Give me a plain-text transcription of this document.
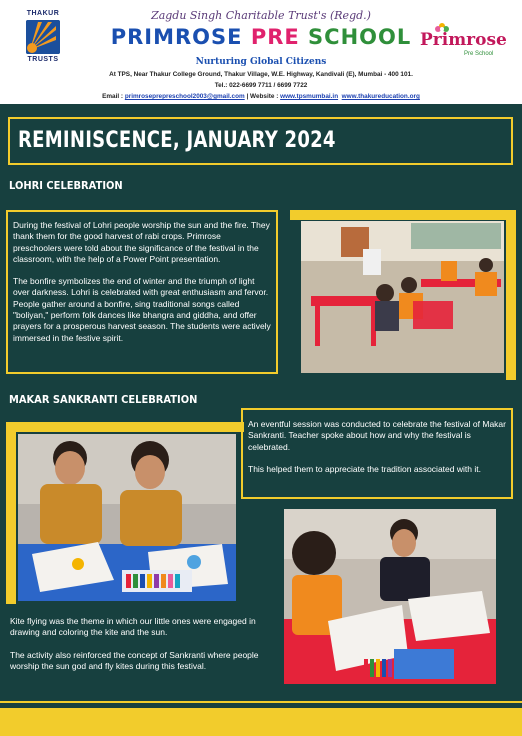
THAKUR
TRUSTS
Zagdu Singh Charitable Trust's (Regd.)
PRIMROSE PRE SCHOOL
Nurturing Global Citizens
At TPS, Near Thakur College Ground, Thakur Village, W.E. Highway, Kandivali (E), Mumbai - 400 101.
Tel.: 022-6699 7711 / 6699 7722
Email : primroseprepreschool2003@gmail.com | Website : www.tpsmumbai.in www.thakureducation.org
Primrose
Pre School
REMINISCENCE, JANUARY 2024
LOHRI CELEBRATION

During the festival of Lohri people worship the sun and the fire. They thank them for the good harvest of rabi crops. Primrose preschoolers were told about the significance of the festival in the classroom, with the help of a Power Point presentation.

The bonfire symbolizes the end of winter and the triumph of light over darkness. Lohri is celebrated with great enthusiasm and fervor. People gather around a bonfire, sing traditional songs called "boliyan," perform folk dances like bhangra and giddha, and offer prayers for a prosperous harvest season. The students were actively immersed in the festive spirit.

MAKAR SANKRANTI CELEBRATION

An eventful session was conducted to celebrate the festival of Makar Sankranti. Teacher spoke about how and why the festival is celebrated.

This helped them to appreciate the tradition associated with it.

Kite flying was the theme in which our little ones were engaged in drawing and coloring the kite and the sun.

The activity also reinforced the concept of Sankranti where people worship the sun god and fly kites during this festival.
